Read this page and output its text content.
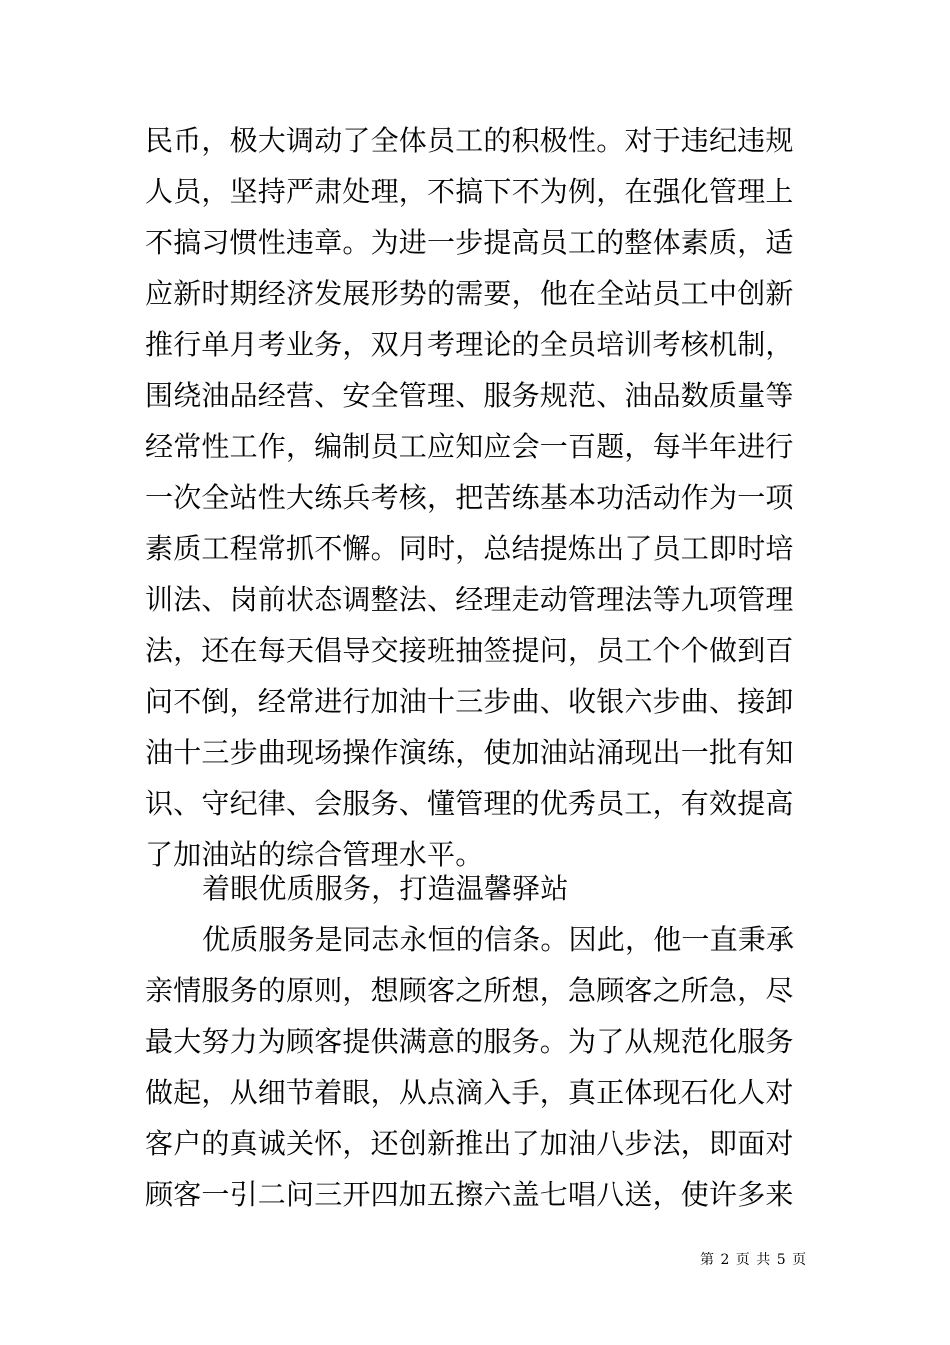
民币，极大调动了全体员工的积极性。对于违纪违规
人员，坚持严肃处理，不搞下不为例，在强化管理上
不搞习惯性违章。为进一步提高员工的整体素质，适
应新时期经济发展形势的需要，他在全站员工中创新
推行单月考业务，双月考理论的全员培训考核机制，
围绕油品经营、安全管理、服务规范、油品数质量等
经常性工作，编制员工应知应会一百题，每半年进行
一次全站性大练兵考核，把苦练基本功活动作为一项
素质工程常抓不懈。同时，总结提炼出了员工即时培
训法、岗前状态调整法、经理走动管理法等九项管理
法，还在每天倡导交接班抽签提问，员工个个做到百
问不倒，经常进行加油十三步曲、收银六步曲、接卸
油十三步曲现场操作演练，使加油站涌现出一批有知
识、守纪律、会服务、懂管理的优秀员工，有效提高
了加油站的综合管理水平。
着眼优质服务，打造温馨驿站
优质服务是同志永恒的信条。因此，他一直秉承
亲情服务的原则，想顾客之所想，急顾客之所急，尽
最大努力为顾客提供满意的服务。为了从规范化服务
做起，从细节着眼，从点滴入手，真正体现石化人对
客户的真诚关怀，还创新推出了加油八步法，即面对
顾客一引二问三开四加五擦六盖七唱八送，使许多来
第 2 页 共 5 页
